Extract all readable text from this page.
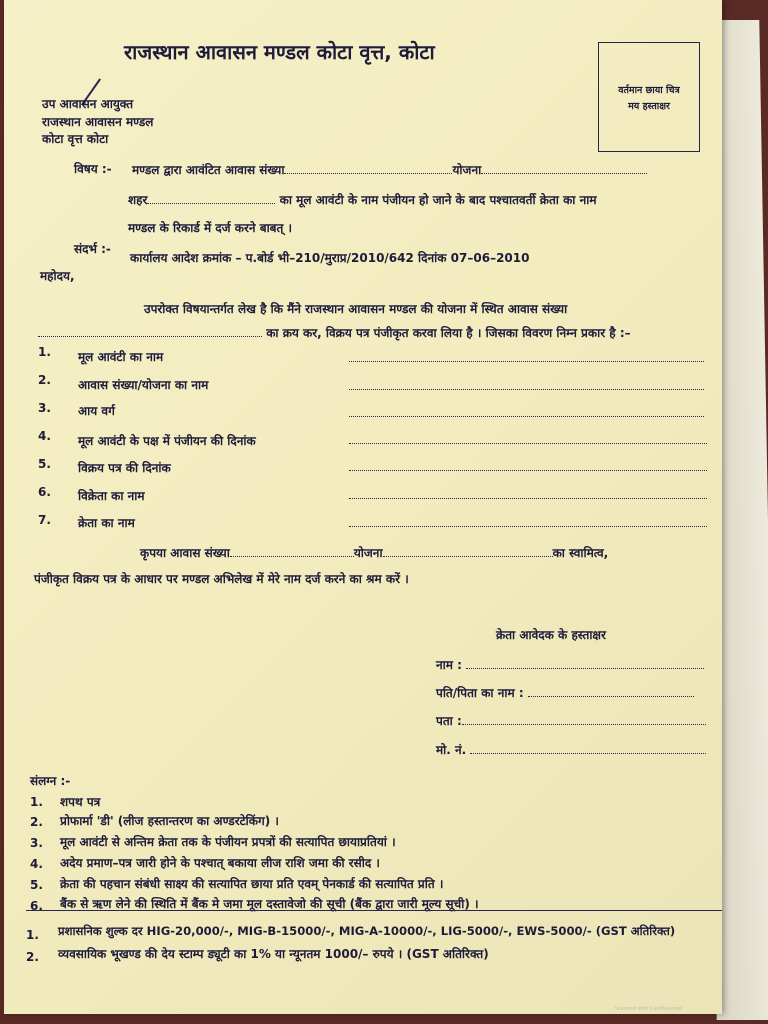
राजस्थान आवासन मण्डल कोटा वृत्त, कोटा
वर्तमान छाया चित्र
मय हस्ताक्षर
उप आवासन आयुक्त
राजस्थान आवासन मण्डल
कोटा वृत्त कोटा
विषय :- मण्डल द्वारा आवंटित आवास संख्या	योजना
शहर	का मूल आवंटी के नाम पंजीयन हो जाने के बाद पश्चातवर्ती क्रेता का नाम
मण्डल के रिकार्ड में दर्ज करने बाबत् ।
संदर्भ :-
कार्यालय आदेश क्रमांक – प.बोर्ड भी–210/मुराप्र/2010/642 दिनांक 07–06–2010
महोदय,
उपरोक्त विषयान्तर्गत लेख है कि मैंने राजस्थान आवासन मण्डल की योजना में स्थित आवास संख्या
का क्रय कर, विक्रय पत्र पंजीकृत करवा लिया है । जिसका विवरण निम्न प्रकार है :–
1. मूल आवंटी का नाम
2. आवास संख्या/योजना का नाम
3. आय वर्ग
4. मूल आवंटी के पक्ष में पंजीयन की दिनांक
5. विक्रय पत्र की दिनांक
6. विक्रेता का नाम
7. क्रेता का नाम
कृपया आवास संख्या	योजना	का स्वामित्व,
पंजीकृत विक्रय पत्र के आधार पर मण्डल अभिलेख में मेरे नाम दर्ज करने का श्रम करें ।
क्रेता आवेदक के हस्ताक्षर
नाम :
पति/पिता का नाम :
पता :
मो. नं.
संलग्न :-
1. शपथ पत्र
2. प्रोफार्मा 'डी' (लीज हस्तान्तरण का अण्डरटेकिंग) ।
3. मूल आवंटी से अन्तिम क्रेता तक के पंजीयन प्रपत्रों की सत्यापित छायाप्रतियां ।
4. अदेय प्रमाण–पत्र जारी होने के पश्चात् बकाया लीज राशि जमा की रसीद ।
5. क्रेता की पहचान संबंधी साक्ष्य की सत्यापित छाया प्रति एवम् पेनकार्ड की सत्यापित प्रति ।
6. बैंक से ऋण लेने की स्थिति में बैंक मे जमा मूल दस्तावेजो की सूची (बैंक द्वारा जारी मूल्य सूची) ।
1. प्रशासनिक शुल्क दर HIG-20,000/-, MIG-B-15000/-, MIG-A-10000/-, LIG-5000/-, EWS-5000/- (GST अतिरिक्त)
2. व्यवसायिक भूखण्ड की देय स्टाम्प ड्यूटी का 1% या न्यूनतम 1000/– रुपये । (GST अतिरिक्त)
Scanned with CamScanner
